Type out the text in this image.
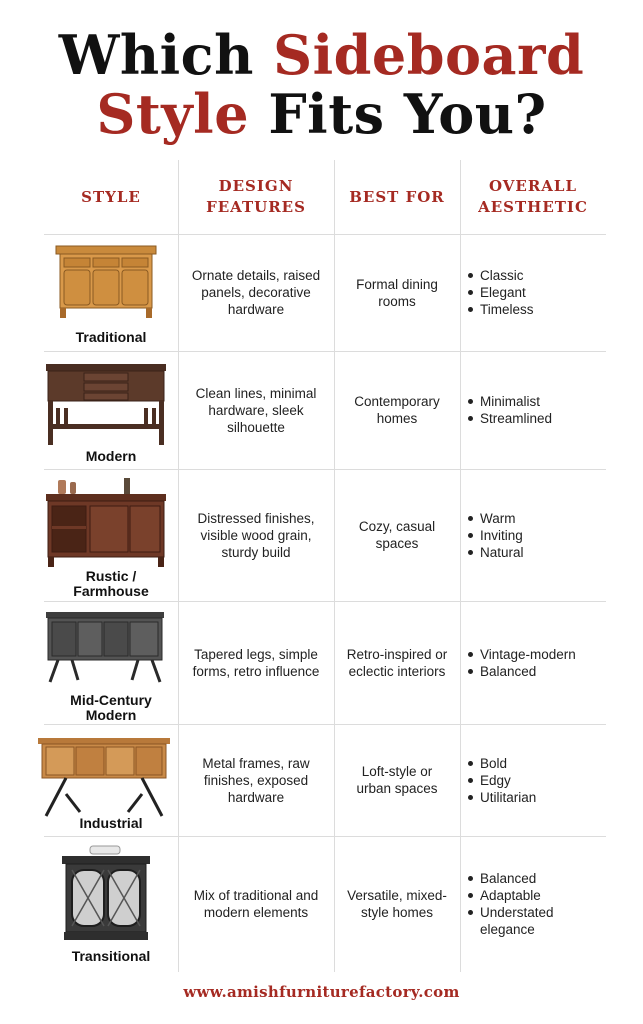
Which Sideboard
Style Fits You?
STYLE
DESIGN
FEATURES
BEST FOR
OVERALL
AESTHETIC
Traditional
Ornate details, raised
panels, decorative
hardware
Formal dining
rooms
Classic
Elegant
Timeless
Modern
Clean lines, minimal
hardware, sleek
silhouette
Contemporary
homes
Minimalist
Streamlined
Rustic /
Farmhouse
Distressed finishes,
visible wood grain,
sturdy build
Cozy, casual
spaces
Warm
Inviting
Natural
Mid-Century
Modern
Tapered legs, simple
forms, retro influence
Retro-inspired or
eclectic interiors
Vintage-modern
Balanced
Industrial
Metal frames, raw
finishes, exposed
hardware
Loft-style or
urban spaces
Bold
Edgy
Utilitarian
Transitional
Mix of traditional and
modern elements
Versatile, mixed-
style homes
Balanced
Adaptable
Understated
elegance
www.amishfurniturefactory.com
